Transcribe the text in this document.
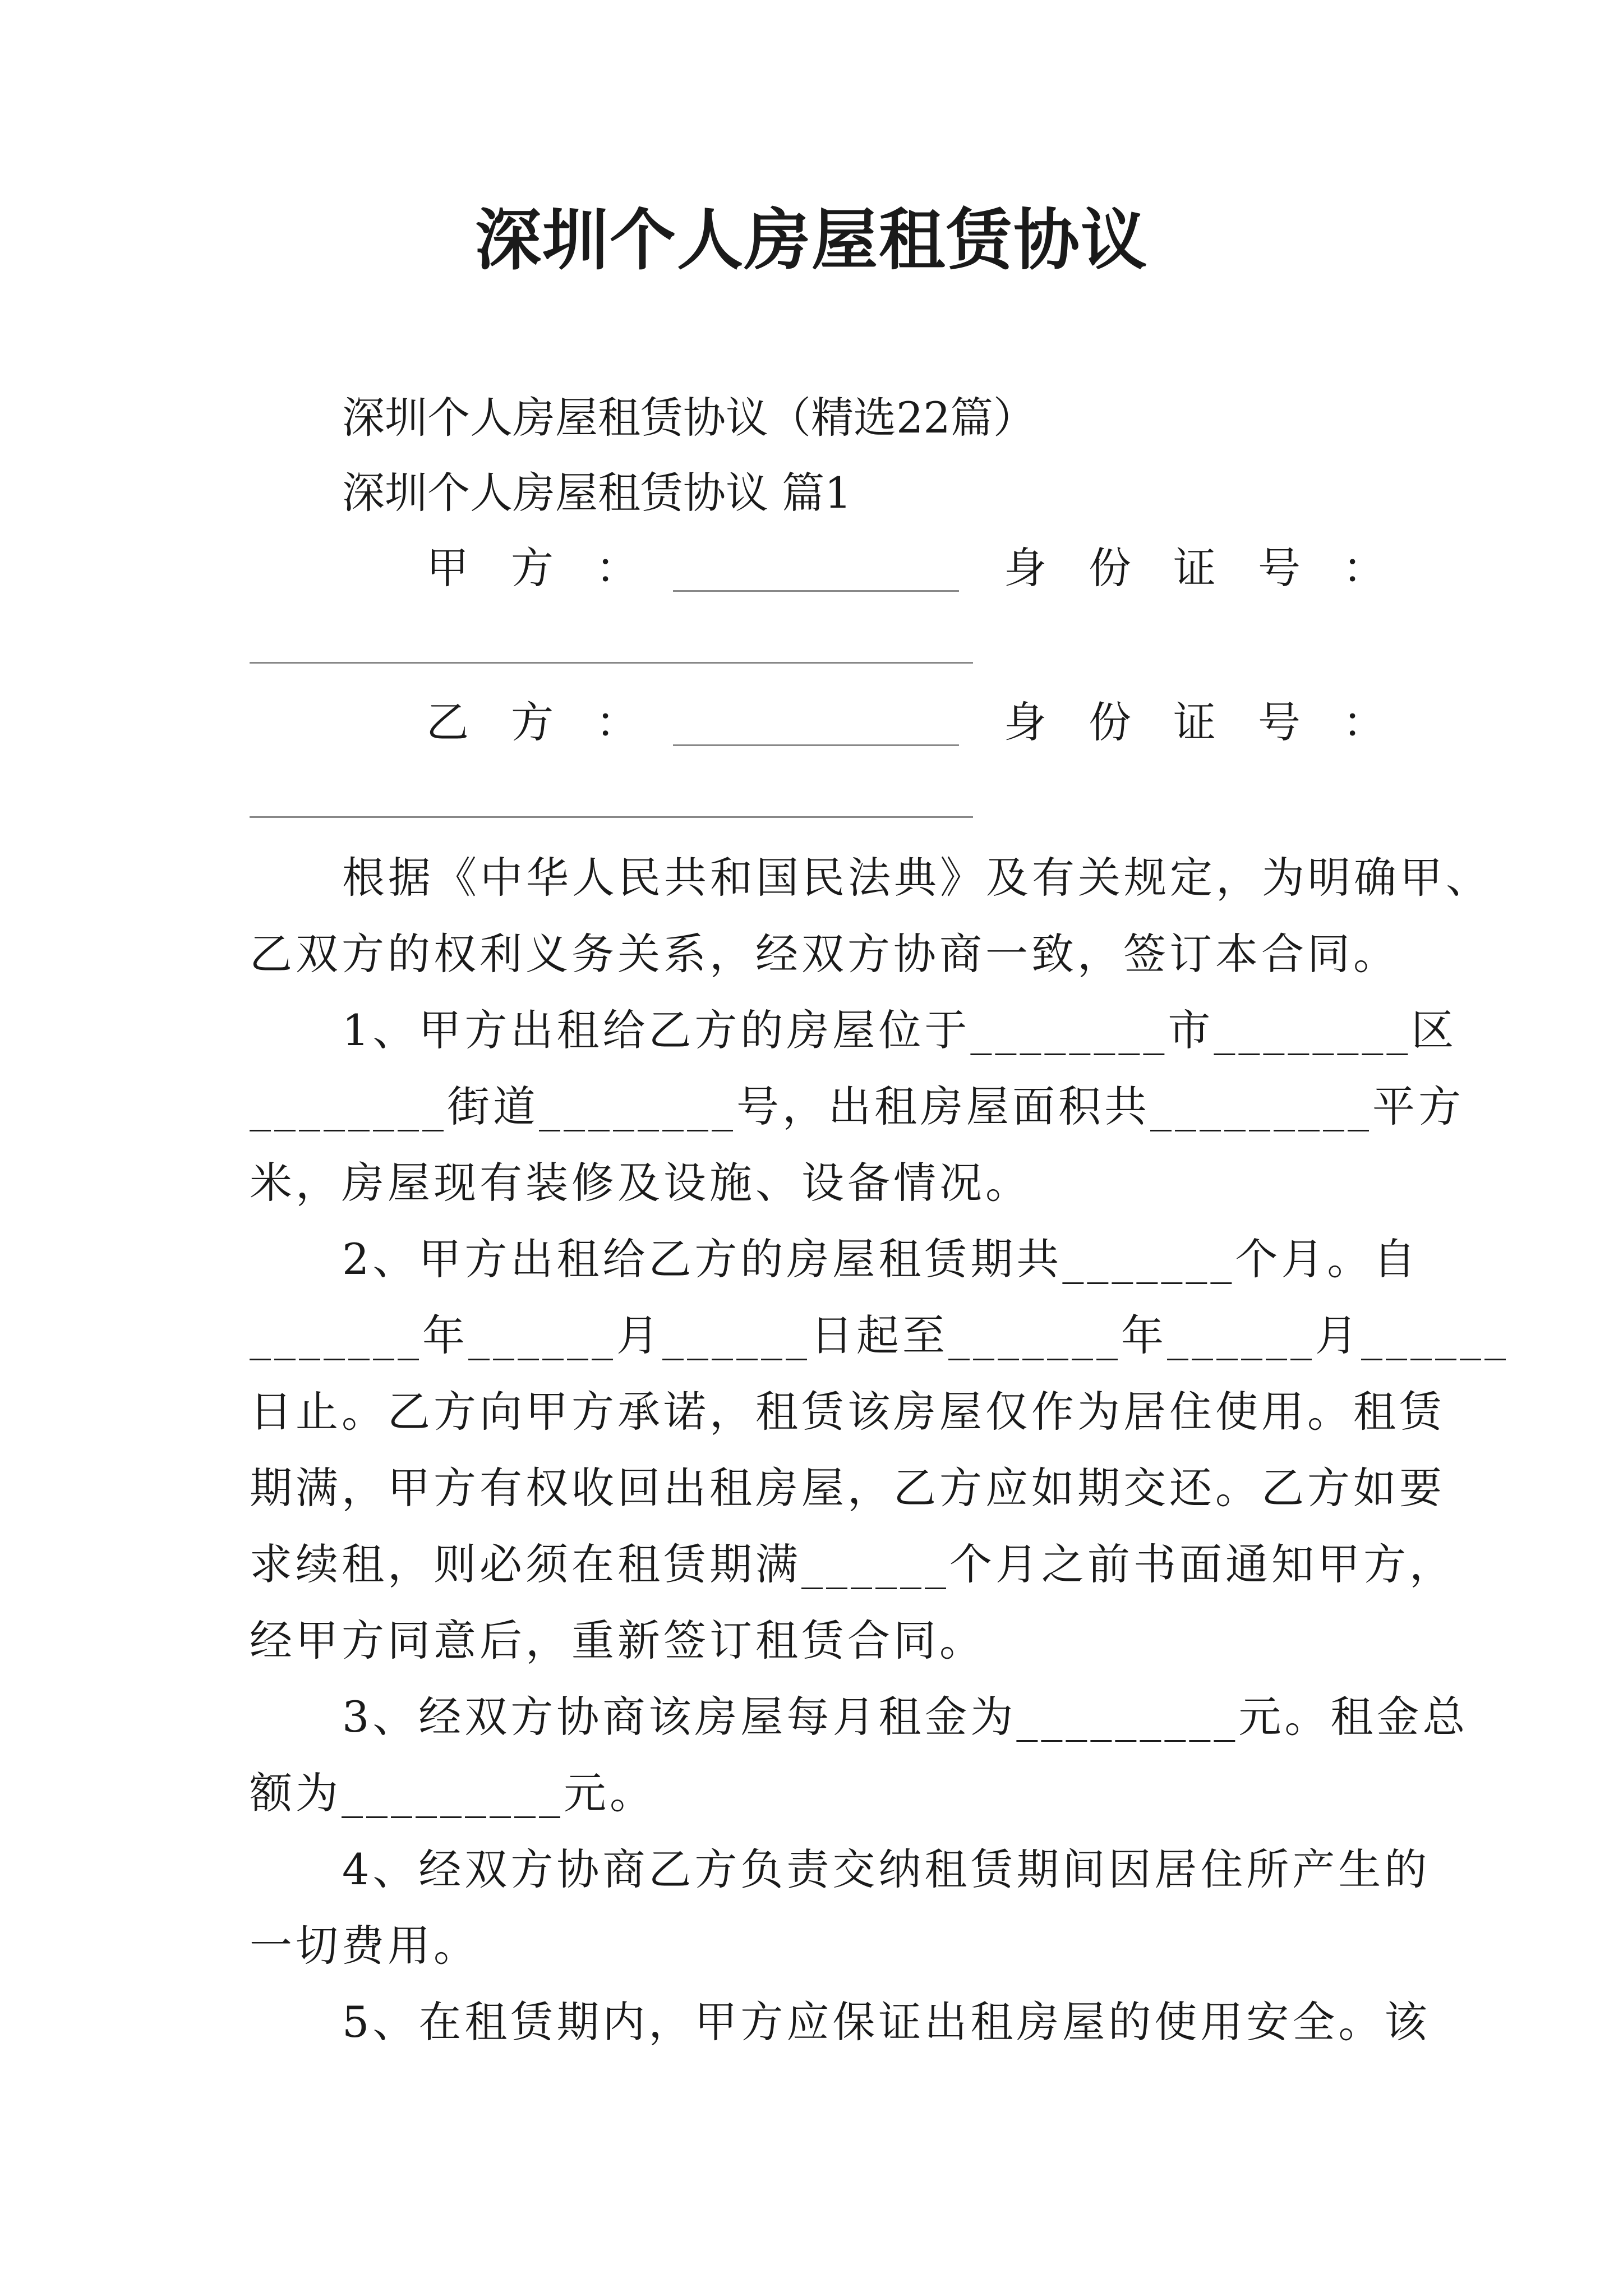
深圳个人房屋租赁协议
深圳个人房屋租赁协议（精选22篇）
深圳个人房屋租赁协议 篇1
甲方：	身份证号：
乙方：	身份证号：
根据《中华人民共和国民法典》及有关规定，为明确甲、
乙双方的权利义务关系，经双方协商一致，签订本合同。
1、甲方出租给乙方的房屋位于________市________区
________街道________号，出租房屋面积共_________平方
米，房屋现有装修及设施、设备情况。
2、甲方出租给乙方的房屋租赁期共_______个月。自
_______年______月______日起至_______年______月______
日止。乙方向甲方承诺，租赁该房屋仅作为居住使用。租赁
期满，甲方有权收回出租房屋，乙方应如期交还。乙方如要
求续租，则必须在租赁期满______个月之前书面通知甲方，
经甲方同意后，重新签订租赁合同。
3、经双方协商该房屋每月租金为_________元。租金总
额为_________元。
4、经双方协商乙方负责交纳租赁期间因居住所产生的
一切费用。
5、在租赁期内，甲方应保证出租房屋的使用安全。该
